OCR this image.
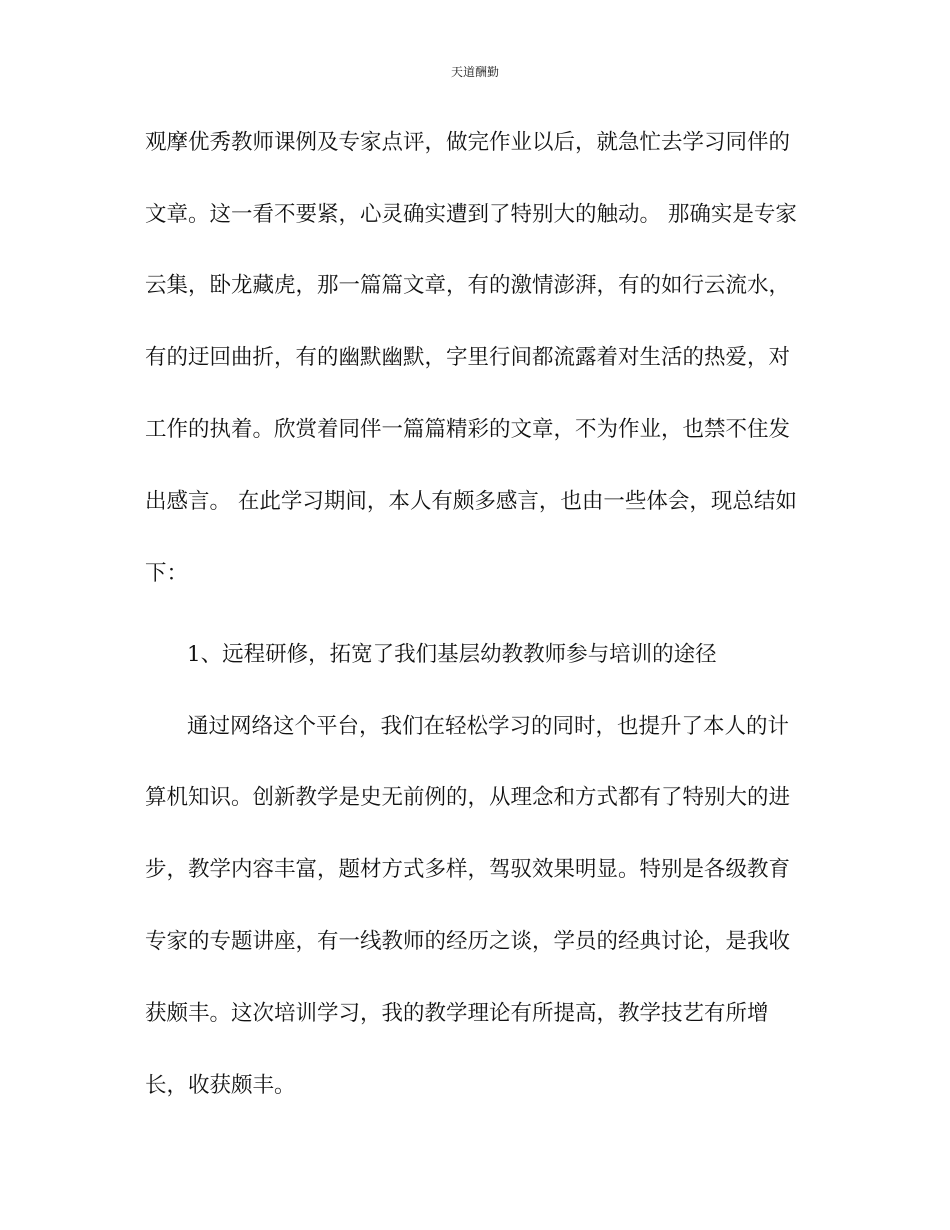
天道酬勤
观摩优秀教师课例及专家点评，做完作业以后，就急忙去学习同伴的
文章。这一看不要紧，心灵确实遭到了特别大的触动。 那确实是专家
云集，卧龙藏虎，那一篇篇文章，有的激情澎湃，有的如行云流水，
有的迂回曲折，有的幽默幽默，字里行间都流露着对生活的热爱，对
工作的执着。欣赏着同伴一篇篇精彩的文章，不为作业，也禁不住发
出感言。 在此学习期间，本人有颇多感言，也由一些体会，现总结如
下：
1、远程研修，拓宽了我们基层幼教教师参与培训的途径
通过网络这个平台，我们在轻松学习的同时，也提升了本人的计
算机知识。创新教学是史无前例的，从理念和方式都有了特别大的进
步，教学内容丰富，题材方式多样，驾驭效果明显。特别是各级教育
专家的专题讲座，有一线教师的经历之谈，学员的经典讨论，是我收
获颇丰。这次培训学习，我的教学理论有所提高，教学技艺有所增
长，收获颇丰。
